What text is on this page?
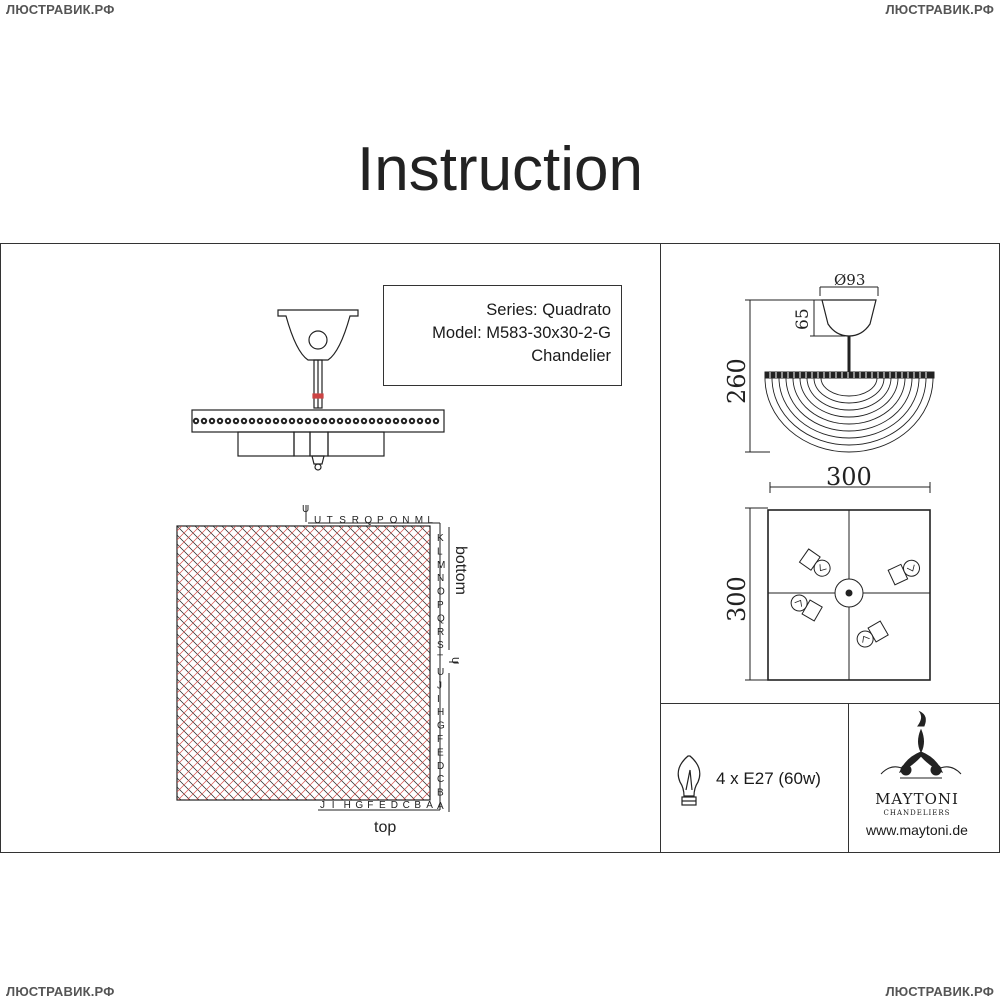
ЛЮСТРАВИК.РФ	ЛЮСТРАВИК.РФ
ЛЮСТРАВИК.РФ	ЛЮСТРАВИК.РФ
Instruction
Series: Quadrato
Model: M583-30x30-2-G
Chandelier
U T S R Q P O N M L
K
L
M
N
O
P
Q
R
S
T
U
J
I
H
G
F
E
D
C
B
A
J I H G F E D C B A
Ø93
65
260
300
300
bottom
top
U
U
4 x E27 (60w)
MAYTONI
CHANDELIERS
www.maytoni.de
